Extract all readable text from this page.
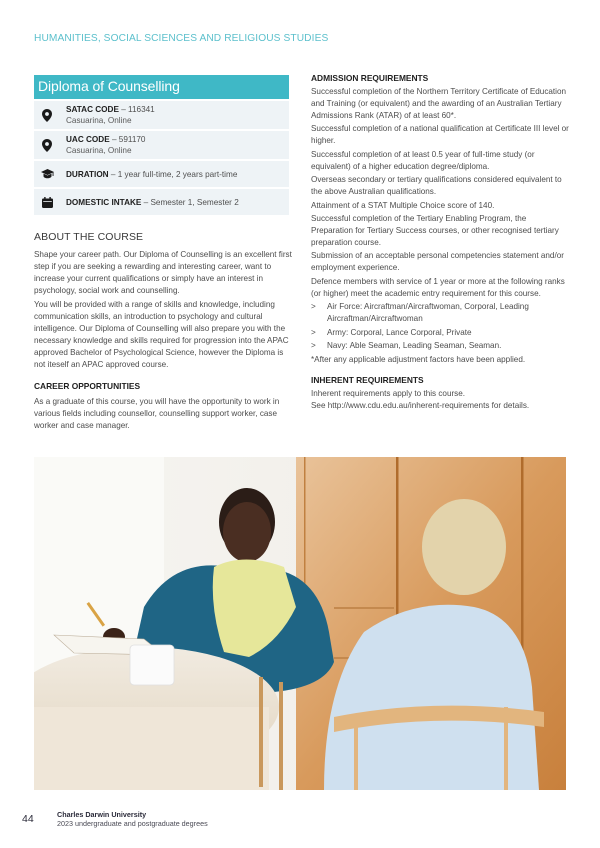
HUMANITIES, SOCIAL SCIENCES AND RELIGIOUS STUDIES
Diploma of Counselling
SATAC CODE – 116341
Casuarina, Online
UAC CODE – 591170
Casuarina, Online
DURATION – 1 year full-time, 2 years part-time
DOMESTIC INTAKE – Semester 1, Semester 2
ABOUT THE COURSE

Shape your career path. Our Diploma of Counselling is an excellent first step if you are seeking a rewarding and interesting career, want to increase your current qualifications or simply have an interest in psychology, social work and counselling.

You will be provided with a range of skills and knowledge, including communication skills, an introduction to psychology and cultural intelligence. Our Diploma of Counselling will also prepare you with the necessary knowledge and skills required for progression into the APAC approved Bachelor of Psychological Science, however the Diploma is not iteself an APAC approved course.

CAREER OPPORTUNITIES

As a graduate of this course, you will have the opportunity to work in various fields including counsellor, counselling support worker, case worker and case manager.

ADMISSION REQUIREMENTS

Successful completion of the Northern Territory Certificate of Education and Training (or equivalent) and the awarding of an Australian Tertiary Admissions Rank (ATAR) of at least 60*.

Successful completion of a national qualification at Certificate III level or higher.

Successful completion of at least 0.5 year of full-time study (or equivalent) of a higher education degree/diploma.

Overseas secondary or tertiary qualifications considered equivalent to the above Australian qualifications.

Attainment of a STAT Multiple Choice score of 140.

Successful completion of the Tertiary Enabling Program, the Preparation for Tertiary Success courses, or other recognised tertiary preparation course.

Submission of an acceptable personal competencies statement and/or employment experience.

Defence members with service of 1 year or more at the following ranks (or higher) meet the academic entry requirement for this course.

> Air Force: Aircraftman/Aircraftwoman, Corporal, Leading Aircraftman/Aircraftwoman
> Army: Corporal, Lance Corporal, Private
> Navy: Able Seaman, Leading Seaman, Seaman.

*After any applicable adjustment factors have been applied.

INHERENT REQUIREMENTS

Inherent requirements apply to this course.

See http://www.cdu.edu.au/inherent-requirements for details.

44	Charles Darwin University
2023 undergraduate and postgraduate degrees
